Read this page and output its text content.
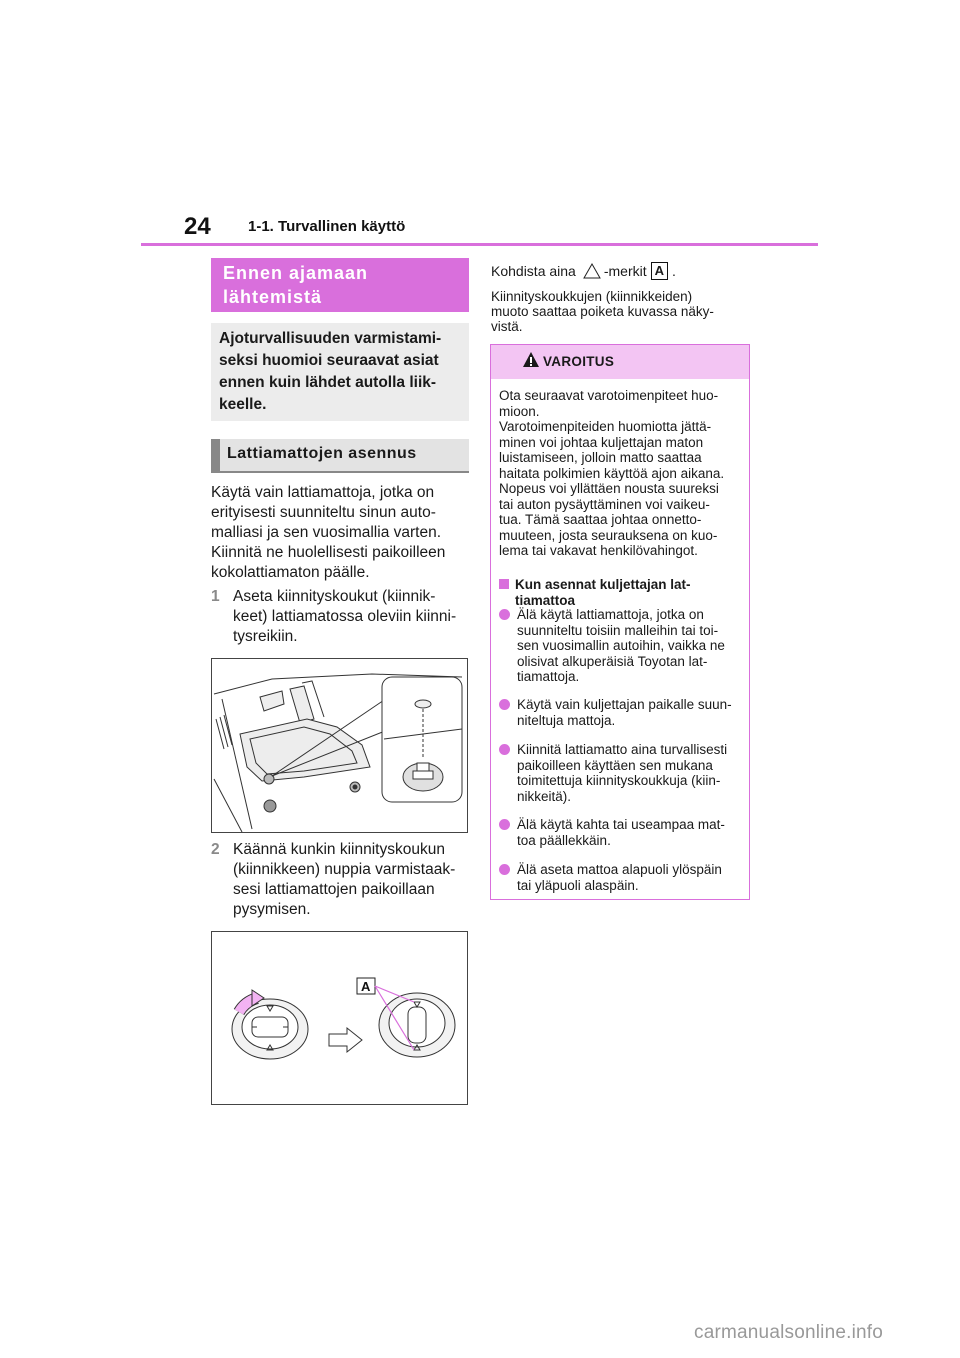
24 1-1. Turvallinen käyttö
Ennen ajamaan
lähtemistä
Ajoturvallisuuden varmistami-
seksi huomioi seuraavat asiat
ennen kuin lähdet autolla liik-
keelle.
Lattiamattojen asennus
Käytä vain lattiamattoja, jotka on
erityisesti suunniteltu sinun auto-
malliasi ja sen vuosimallia varten.
Kiinnitä ne huolellisesti paikoilleen
kokolattiamaton päälle.
1 Aseta kiinnityskoukut (kiinnik-
keet) lattiamatossa oleviin kiinni-
tysreikiin.
2 Käännä kunkin kiinnityskoukun
(kiinnikkeen) nuppia varmistaak-
sesi lattiamattojen paikoillaan
pysymisen.
A
Kohdista aina -merkit A .
Kiinnityskoukkujen (kiinnikkeiden)
muoto saattaa poiketa kuvassa näky-
vistä.
VAROITUS
Ota seuraavat varotoimenpiteet huo-
mioon.
Varotoimenpiteiden huomiotta jättä-
minen voi johtaa kuljettajan maton
luistamiseen, jolloin matto saattaa
haitata polkimien käyttöä ajon aikana.
Nopeus voi yllättäen nousta suureksi
tai auton pysäyttäminen voi vaikeu-
tua. Tämä saattaa johtaa onnetto-
muuteen, josta seurauksena on kuo-
lema tai vakavat henkilövahingot.
Kun asennat kuljettajan lat-
tiamattoa
Älä käytä lattiamattoja, jotka on
suunniteltu toisiin malleihin tai toi-
sen vuosimallin autoihin, vaikka ne
olisivat alkuperäisiä Toyotan lat-
tiamattoja.
Käytä vain kuljettajan paikalle suun-
niteltuja mattoja.
Kiinnitä lattiamatto aina turvallisesti
paikoilleen käyttäen sen mukana
toimitettuja kiinnityskoukkuja (kiin-
nikkeitä).
Älä käytä kahta tai useampaa mat-
toa päällekkäin.
Älä aseta mattoa alapuoli ylöspäin
tai yläpuoli alaspäin.
carmanualsonline.info
